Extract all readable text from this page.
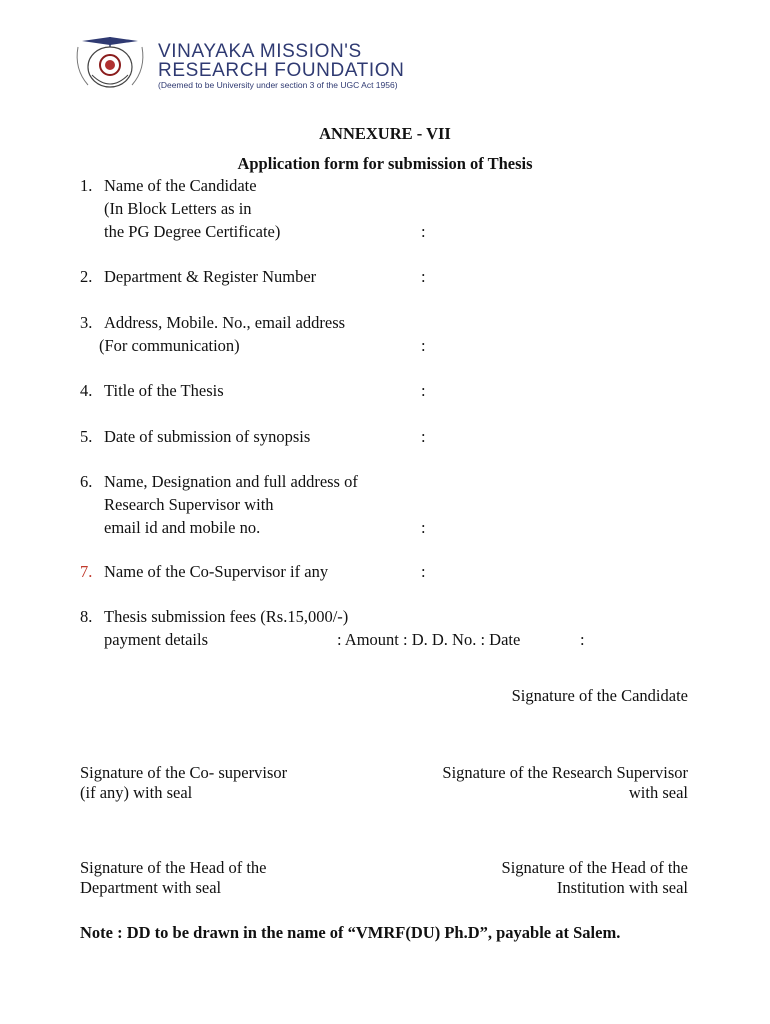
VINAYAKA MISSION'S
RESEARCH FOUNDATION
(Deemed to be University under section 3 of the UGC Act 1956)
ANNEXURE - VII
Application form for submission of Thesis
1. Name of the Candidate
(In Block Letters as in
the PG Degree Certificate)	:
2. Department & Register Number	:
3. Address, Mobile. No., email address
(For communication)	:
4. Title of the Thesis	:
5. Date of submission of synopsis	:
6. Name, Designation and full address of
Research Supervisor with
email id and mobile no.	:
7. Name of the Co-Supervisor if any	:
8. Thesis submission fees (Rs.15,000/-)
payment details	: Amount : D. D. No. : Date	:
Signature of the Candidate
Signature of the Co- supervisor
(if any) with seal
Signature of the Research Supervisor
with seal
Signature of the Head of the
Department with seal
Signature of the Head of the
Institution with seal
Note : DD to be drawn in the name of “VMRF(DU) Ph.D”, payable at Salem.
